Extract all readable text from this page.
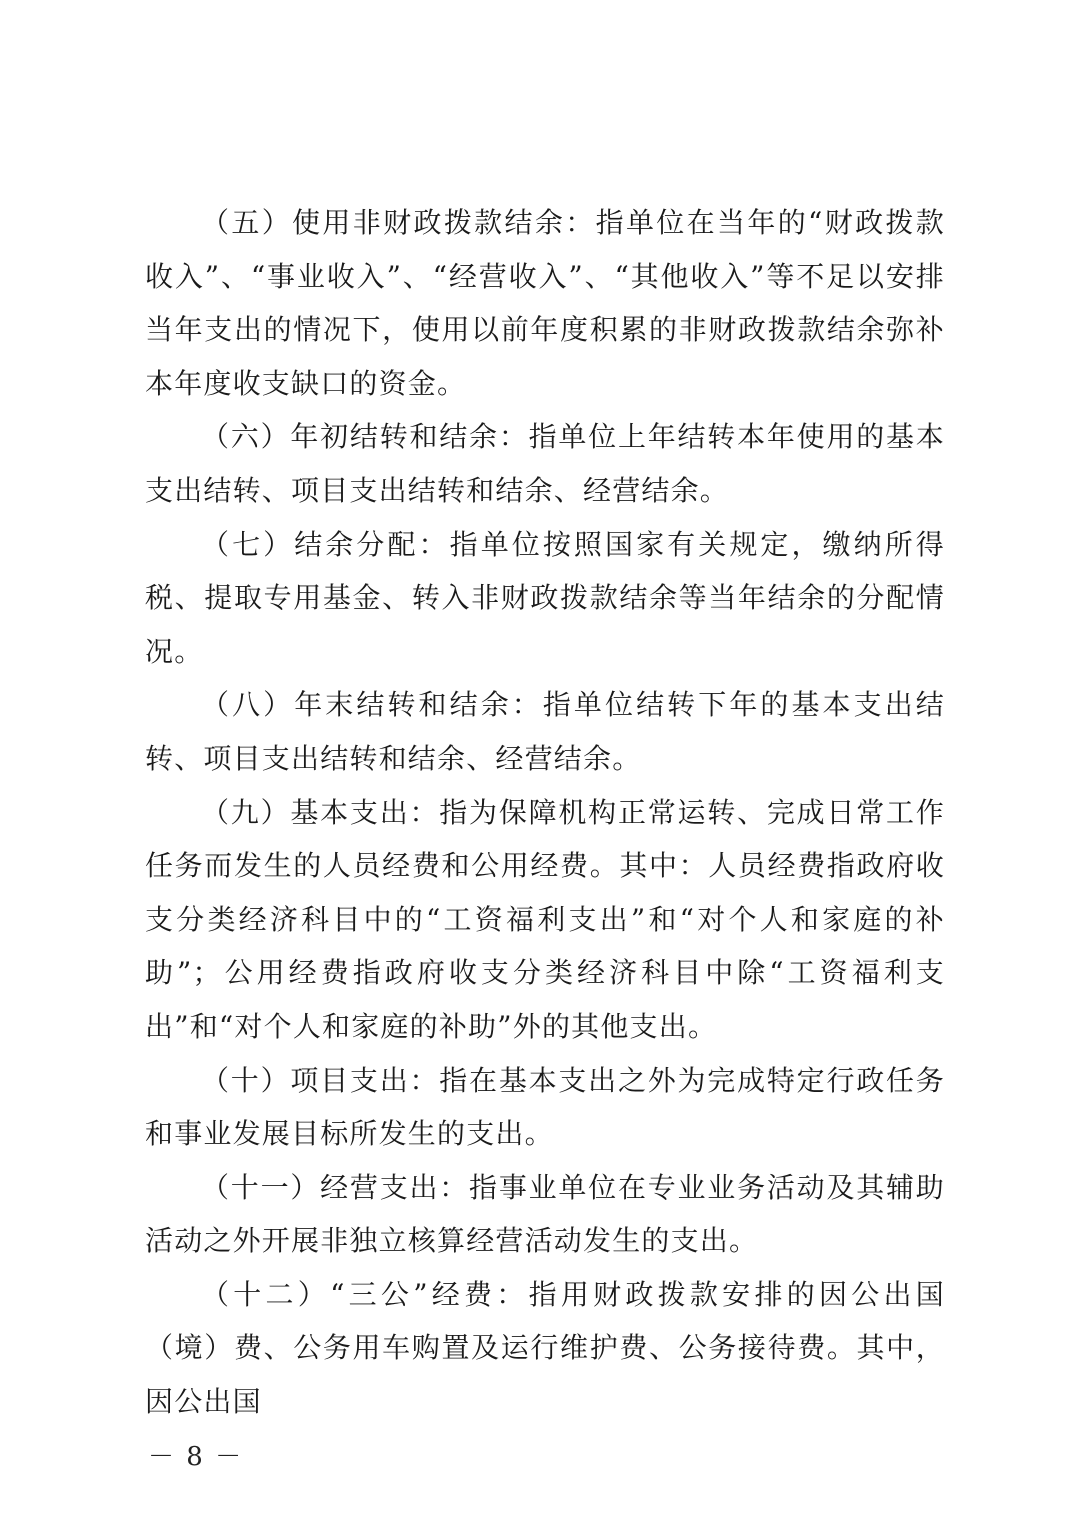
（五）使用非财政拨款结余：指单位在当年的“财政拨款收入”、“事业收入”、“经营收入”、“其他收入”等不足以安排当年支出的情况下，使用以前年度积累的非财政拨款结余弥补本年度收支缺口的资金。

（六）年初结转和结余：指单位上年结转本年使用的基本支出结转、项目支出结转和结余、经营结余。

（七）结余分配：指单位按照国家有关规定，缴纳所得税、提取专用基金、转入非财政拨款结余等当年结余的分配情况。

（八）年末结转和结余：指单位结转下年的基本支出结转、项目支出结转和结余、经营结余。

（九）基本支出：指为保障机构正常运转、完成日常工作任务而发生的人员经费和公用经费。其中：人员经费指政府收支分类经济科目中的“工资福利支出”和“对个人和家庭的补助”；公用经费指政府收支分类经济科目中除“工资福利支出”和“对个人和家庭的补助”外的其他支出。

（十）项目支出：指在基本支出之外为完成特定行政任务和事业发展目标所发生的支出。

（十一）经营支出：指事业单位在专业业务活动及其辅助活动之外开展非独立核算经营活动发生的支出。

（十二）“三公”经费：指用财政拨款安排的因公出国（境）费、公务用车购置及运行维护费、公务接待费。其中，因公出国

－ 8 －
